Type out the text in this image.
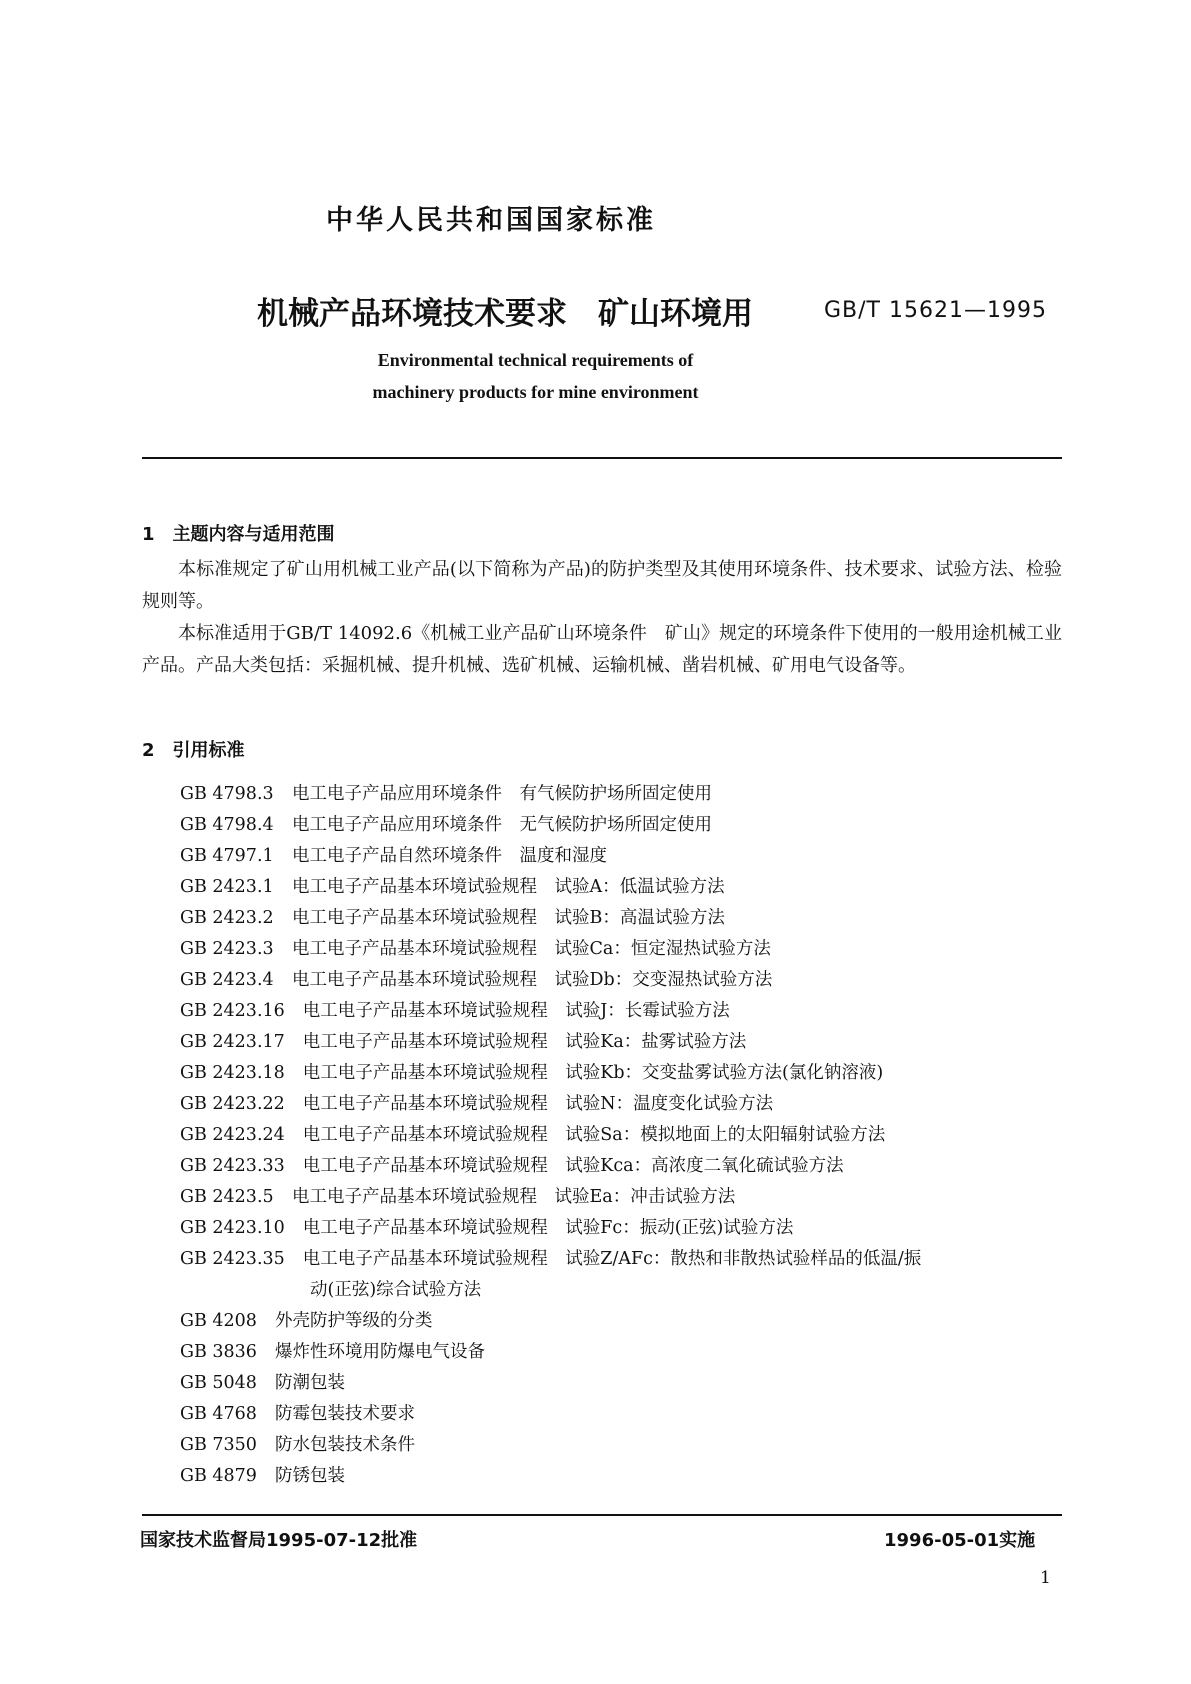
中华人民共和国国家标准
机械产品环境技术要求　矿山环境用	GB/T 15621—1995
Environmental technical requirements of
machinery products for mine environment
1　主题内容与适用范围
本标准规定了矿山用机械工业产品(以下简称为产品)的防护类型及其使用环境条件、技术要求、试验方法、检验规则等。
本标准适用于GB/T 14092.6《机械工业产品矿山环境条件　矿山》规定的环境条件下使用的一般用途机械工业产品。产品大类包括：采掘机械、提升机械、选矿机械、运输机械、凿岩机械、矿用电气设备等。
2　引用标准
GB 4798.3 电工电子产品应用环境条件　有气候防护场所固定使用
GB 4798.4 电工电子产品应用环境条件　无气候防护场所固定使用
GB 4797.1 电工电子产品自然环境条件　温度和湿度
GB 2423.1 电工电子产品基本环境试验规程　试验A：低温试验方法
GB 2423.2 电工电子产品基本环境试验规程　试验B：高温试验方法
GB 2423.3 电工电子产品基本环境试验规程　试验Ca：恒定湿热试验方法
GB 2423.4 电工电子产品基本环境试验规程　试验Db：交变湿热试验方法
GB 2423.16 电工电子产品基本环境试验规程　试验J：长霉试验方法
GB 2423.17 电工电子产品基本环境试验规程　试验Ka：盐雾试验方法
GB 2423.18 电工电子产品基本环境试验规程　试验Kb：交变盐雾试验方法(氯化钠溶液)
GB 2423.22 电工电子产品基本环境试验规程　试验N：温度变化试验方法
GB 2423.24 电工电子产品基本环境试验规程　试验Sa：模拟地面上的太阳辐射试验方法
GB 2423.33 电工电子产品基本环境试验规程　试验Kca：高浓度二氧化硫试验方法
GB 2423.5 电工电子产品基本环境试验规程　试验Ea：冲击试验方法
GB 2423.10 电工电子产品基本环境试验规程　试验Fc：振动(正弦)试验方法
GB 2423.35 电工电子产品基本环境试验规程　试验Z/AFc：散热和非散热试验样品的低温/振
动(正弦)综合试验方法
GB 4208 外壳防护等级的分类
GB 3836 爆炸性环境用防爆电气设备
GB 5048 防潮包装
GB 4768 防霉包装技术要求
GB 7350 防水包装技术条件
GB 4879 防锈包装
国家技术监督局1995-07-12批准	1996-05-01实施
1
